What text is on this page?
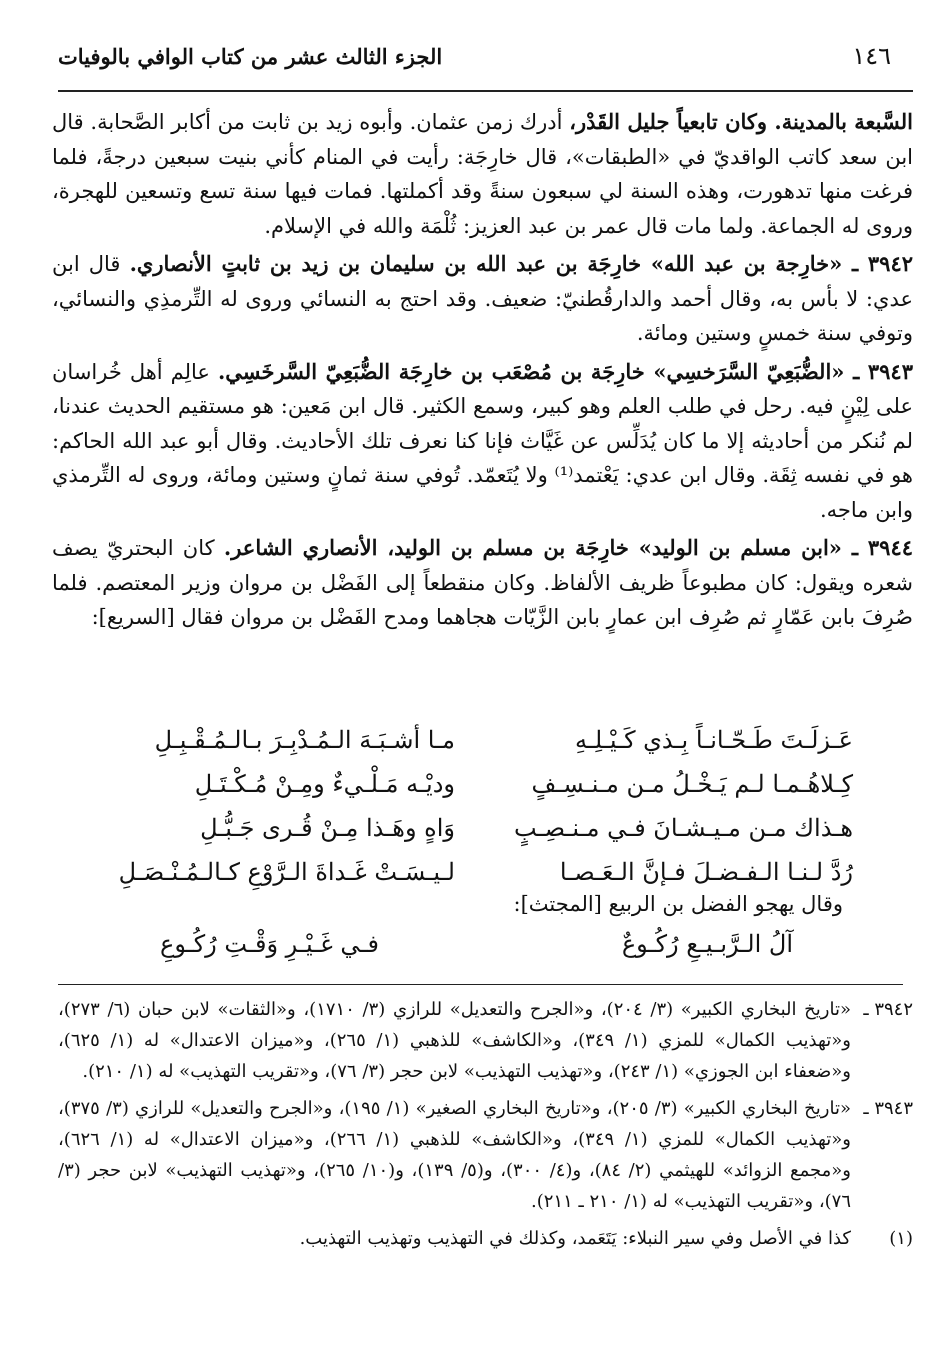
١٤٦
الجزء الثالث عشر من كتاب الوافي بالوفيات

السَّبعة بالمدينة. وكان تابعياً جليل القَدْر، أدرك زمن عثمان. وأبوه زيد بن ثابت من أكابر الصَّحابة. قال ابن سعد كاتب الواقديّ في «الطبقات»، قال خارِجَة: رأيت في المنام كأني بنيت سبعين درجةً، فلما فرغت منها تدهورت، وهذه السنة لي سبعون سنةً وقد أكملتها. فمات فيها سنة تسع وتسعين للهجرة، وروى له الجماعة. ولما مات قال عمر بن عبد العزيز: ثُلْمَة والله في الإسلام.

٣٩٤٢ ـ «خارِجة بن عبد الله» خارِجَة بن عبد الله بن سليمان بن زيد بن ثابتٍ الأنصاري. قال ابن عدي: لا بأس به، وقال أحمد والدارقُطنيّ: ضعيف. وقد احتج به النسائي وروى له التِّرمذِي والنسائي، وتوفي سنة خمسٍ وستين ومائة.

٣٩٤٣ ـ «الضُّبَعِيّ السَّرَخسِي» خارِجَة بن مُصْعَب بن خارِجَة الضُّبَعِيّ السَّرخَسِي. عالِم أهل خُراسان على لِيْنٍ فيه. رحل في طلب العلم وهو كبير، وسمع الكثير. قال ابن مَعين: هو مستقيم الحديث عندنا، لم نُنكر من أحاديثه إلا ما كان يُدَلِّس عن غَيَّاث فإنا كنا نعرف تلك الأحاديث. وقال أبو عبد الله الحاكم: هو في نفسه ثِقَة. وقال ابن عدي: يَعْتمد⁽¹⁾ ولا يُتَعمّد. تُوفي سنة ثمانٍ وستين ومائة، وروى له التِّرمذي وابن ماجه.

٣٩٤٤ ـ «ابن مسلم بن الوليد» خارِجَة بن مسلم بن الوليد، الأنصاري الشاعر. كان البحتريّ يصف شعره ويقول: كان مطبوعاً ظريف الألفاظ. وكان منقطعاً إلى الفَضْل بن مروان وزير المعتصم. فلما صُرِفَ بابن عَمّارٍ ثم صُرِف ابن عمارٍ بابن الزَّيّات هجاهما ومدح الفَضْل بن مروان فقال [السريع]:

عَـزلَـتَ طَـحّـانـاً بِـذي كَـيْـلِـهِ
مـا أشـبَـهَ الـمُـدْبِـرَ بـالـمُـقْـبِـلِ
كِـلاهُـمـا لـم يَـخْـلُ مـن مـنـسِـفٍ
وديْـه مَـلْـيءٌ ومِـنْ مُـكْـتَـلِ
هـذاك مـن مـيـشـانَ فـي مـنـصِـبٍ
وَاهٍ وهَـذا مِـنْ قُـرى جَـبُّـلِ
رُدَّ لـنـا الـفـضـلَ فـإنَّ الـعَـصـا
لـيـسَـتْ غَـداةَ الـرَّوْعِ كـالـمُـنْـصَـلِ
وقال يهجو الفضل بن الربيع [المجتث]:
آلُ الـرَّبـيـعِ رُكُـوعٌ
فـي غَـيْـرِ وَقْـتِ رُكُـوعِ
٣٩٤٢ ـ
«تاريخ البخاري الكبير» (٣/ ٢٠٤)، و«الجرح والتعديل» للرازي (٣/ ١٧١٠)، و«الثقات» لابن حبان (٦/ ٢٧٣)، و«تهذيب الكمال» للمزي (١/ ٣٤٩)، و«الكاشف» للذهبي (١/ ٢٦٥)، و«ميزان الاعتدال» له (١/ ٦٢٥)، و«ضعفاء ابن الجوزي» (١/ ٢٤٣)، و«تهذيب التهذيب» لابن حجر (٣/ ٧٦)، و«تقريب التهذيب» له (١/ ٢١٠).
٣٩٤٣ ـ
«تاريخ البخاري الكبير» (٣/ ٢٠٥)، و«تاريخ البخاري الصغير» (١/ ١٩٥)، و«الجرح والتعديل» للرازي (٣/ ٣٧٥)، و«تهذيب الكمال» للمزي (١/ ٣٤٩)، و«الكاشف» للذهبي (١/ ٢٦٦)، و«ميزان الاعتدال» له (١/ ٦٢٦)، و«مجمع الزوائد» للهيثمي (٢/ ٨٤)، و(٤/ ٣٠٠)، و(٥/ ١٣٩)، و(١٠/ ٢٦٥)، و«تهذيب التهذيب» لابن حجر (٣/ ٧٦)، و«تقريب التهذيب» له (١/ ٢١٠ ـ ٢١١).
(١)
كذا في الأصل وفي سير النبلاء: يَتَعَمد، وكذلك في التهذيب وتهذيب التهذيب.
